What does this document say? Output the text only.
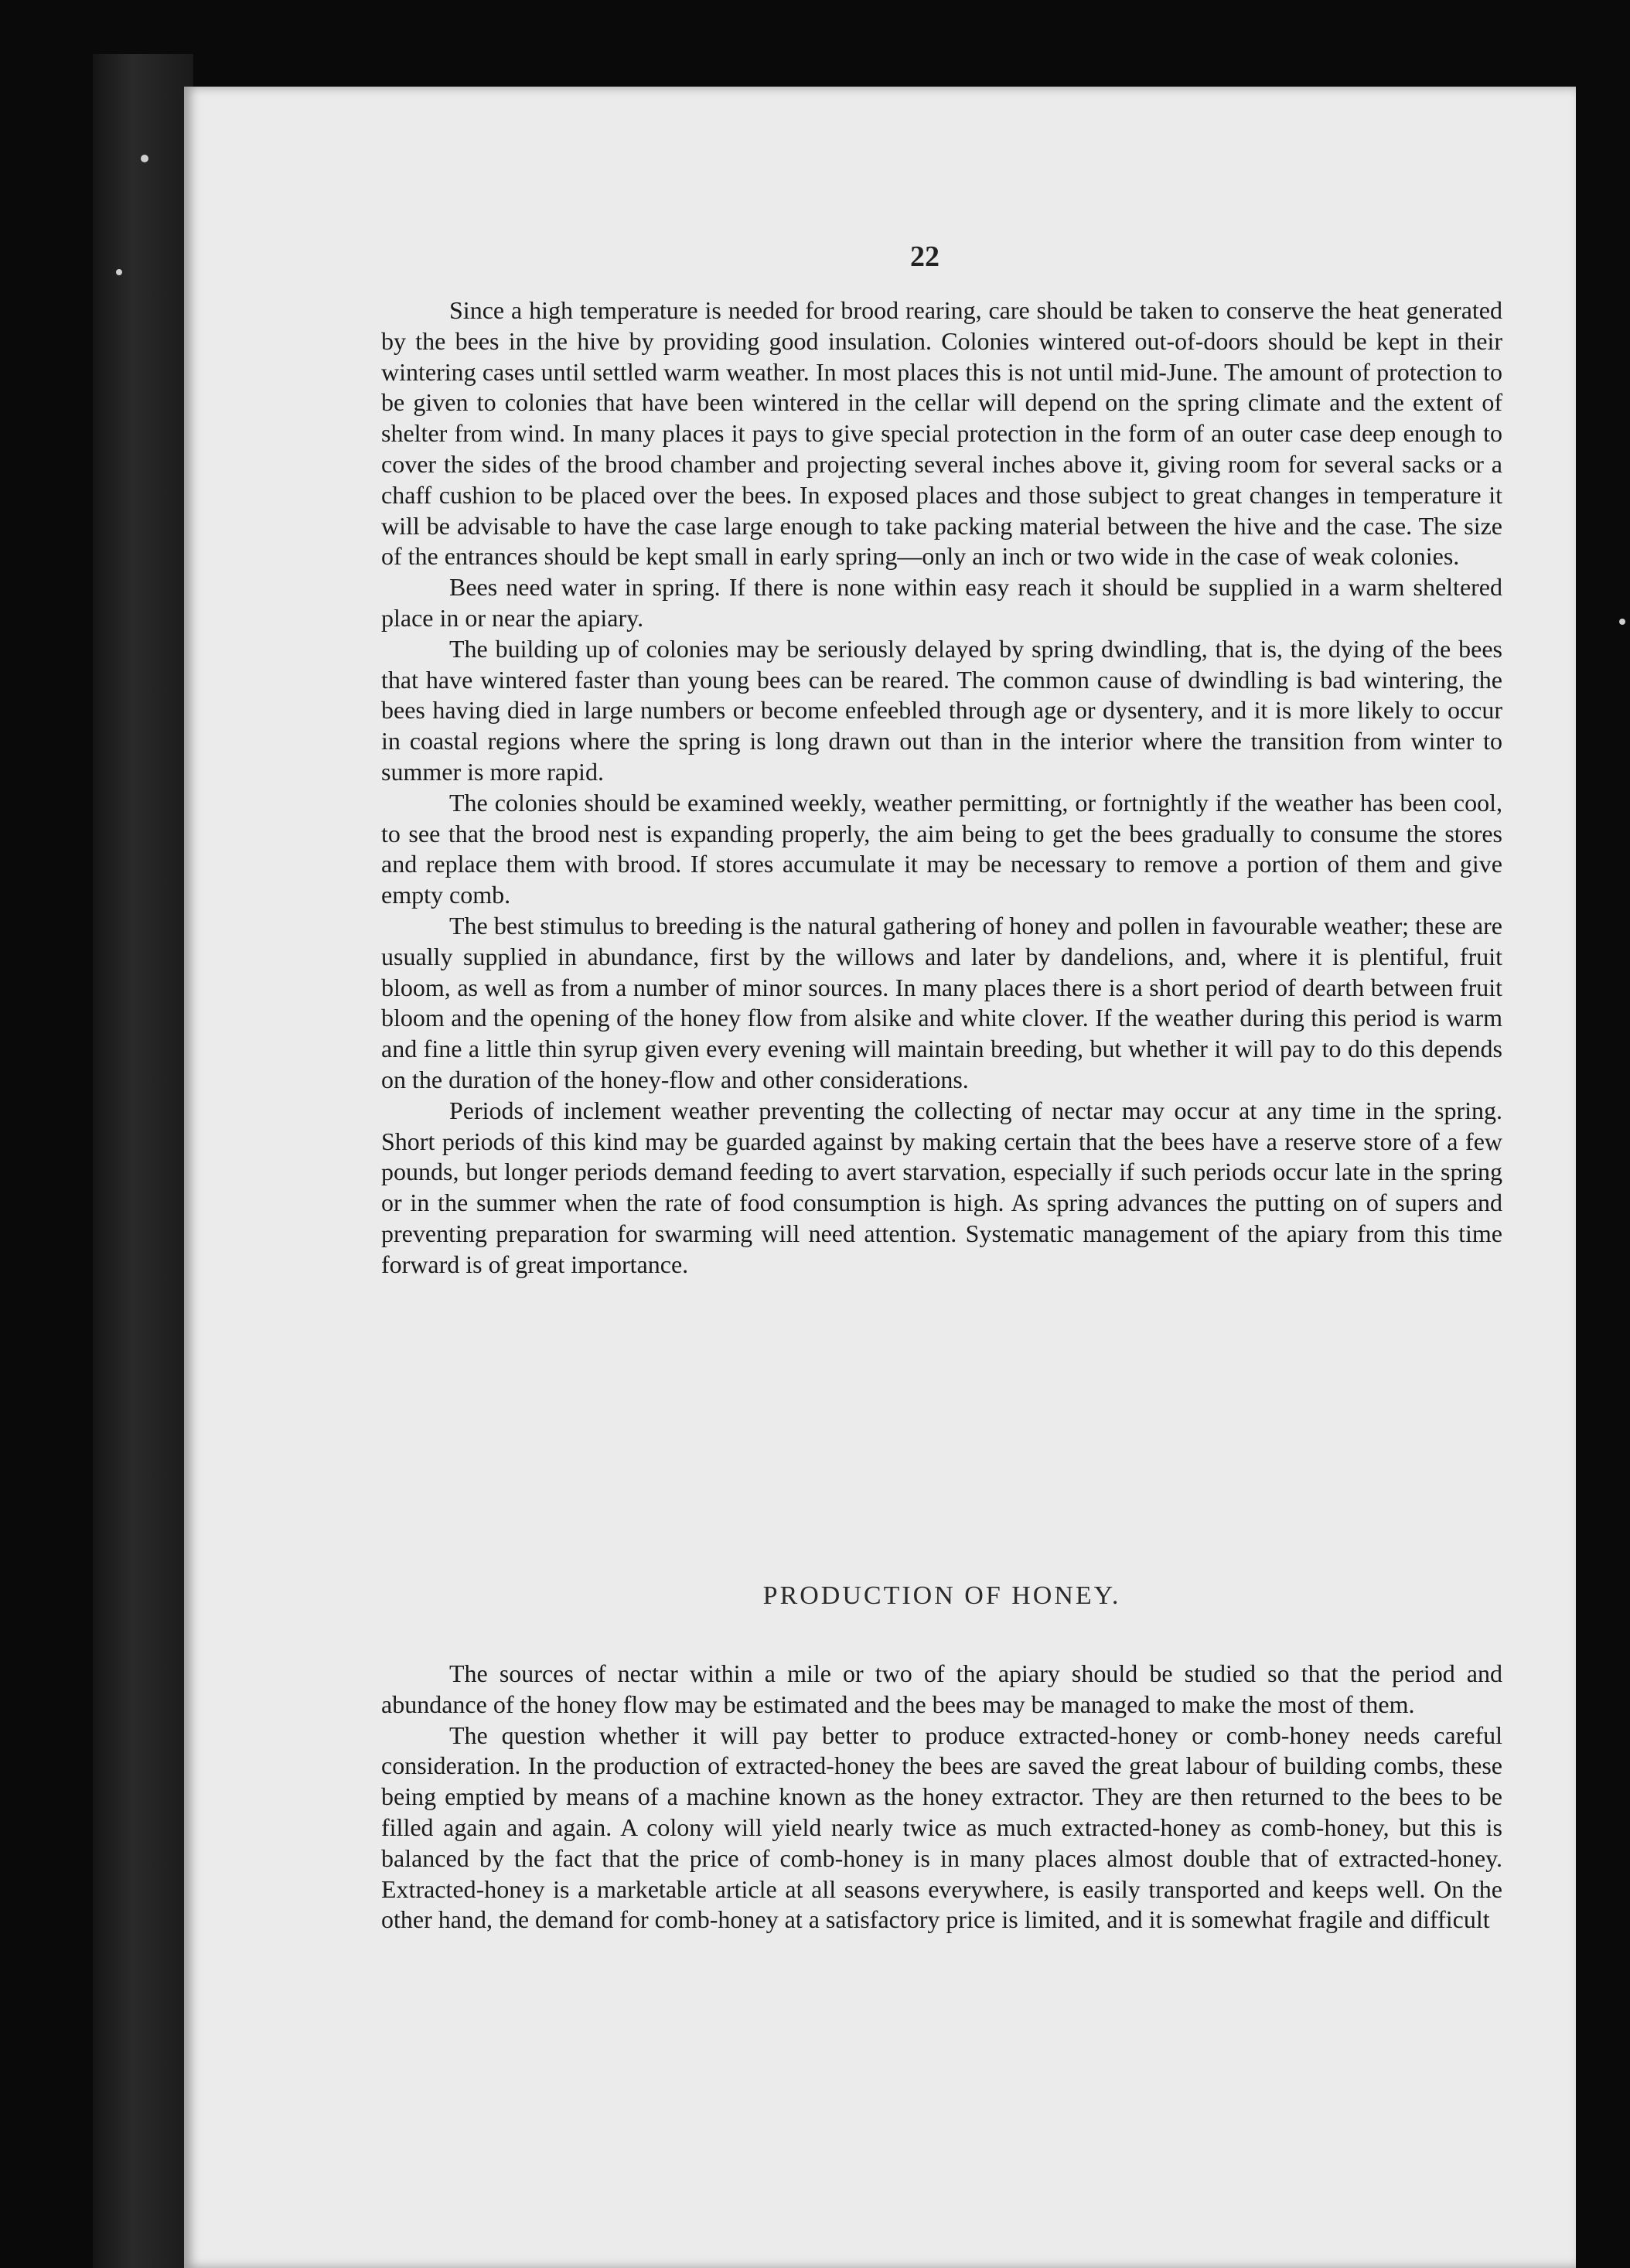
22

Since a high temperature is needed for brood rearing, care should be taken to conserve the heat generated by the bees in the hive by providing good insulation. Colonies wintered out-of-doors should be kept in their wintering cases until settled warm weather. In most places this is not until mid-June. The amount of protection to be given to colonies that have been wintered in the cellar will depend on the spring climate and the extent of shelter from wind. In many places it pays to give special protection in the form of an outer case deep enough to cover the sides of the brood chamber and projecting several inches above it, giving room for several sacks or a chaff cushion to be placed over the bees. In exposed places and those subject to great changes in temperature it will be advisable to have the case large enough to take packing material between the hive and the case. The size of the entrances should be kept small in early spring—only an inch or two wide in the case of weak colonies.

Bees need water in spring. If there is none within easy reach it should be supplied in a warm sheltered place in or near the apiary.

The building up of colonies may be seriously delayed by spring dwindling, that is, the dying of the bees that have wintered faster than young bees can be reared. The common cause of dwindling is bad wintering, the bees having died in large numbers or become enfeebled through age or dysentery, and it is more likely to occur in coastal regions where the spring is long drawn out than in the interior where the transition from winter to summer is more rapid.

The colonies should be examined weekly, weather permitting, or fortnightly if the weather has been cool, to see that the brood nest is expanding properly, the aim being to get the bees gradually to consume the stores and replace them with brood. If stores accumulate it may be necessary to remove a portion of them and give empty comb.

The best stimulus to breeding is the natural gathering of honey and pollen in favourable weather; these are usually supplied in abundance, first by the willows and later by dandelions, and, where it is plentiful, fruit bloom, as well as from a number of minor sources. In many places there is a short period of dearth between fruit bloom and the opening of the honey flow from alsike and white clover. If the weather during this period is warm and fine a little thin syrup given every evening will maintain breeding, but whether it will pay to do this depends on the duration of the honey-flow and other considerations.

Periods of inclement weather preventing the collecting of nectar may occur at any time in the spring. Short periods of this kind may be guarded against by making certain that the bees have a reserve store of a few pounds, but longer periods demand feeding to avert starvation, especially if such periods occur late in the spring or in the summer when the rate of food consumption is high. As spring advances the putting on of supers and preventing preparation for swarming will need attention. Systematic management of the apiary from this time forward is of great importance.

PRODUCTION OF HONEY.

The sources of nectar within a mile or two of the apiary should be studied so that the period and abundance of the honey flow may be estimated and the bees may be managed to make the most of them.

The question whether it will pay better to produce extracted-honey or comb-honey needs careful consideration. In the production of extracted-honey the bees are saved the great labour of building combs, these being emptied by means of a machine known as the honey extractor. They are then returned to the bees to be filled again and again. A colony will yield nearly twice as much extracted-honey as comb-honey, but this is balanced by the fact that the price of comb-honey is in many places almost double that of extracted-honey. Extracted-honey is a marketable article at all seasons everywhere, is easily transported and keeps well. On the other hand, the demand for comb-honey at a satisfactory price is limited, and it is somewhat fragile and difficult
